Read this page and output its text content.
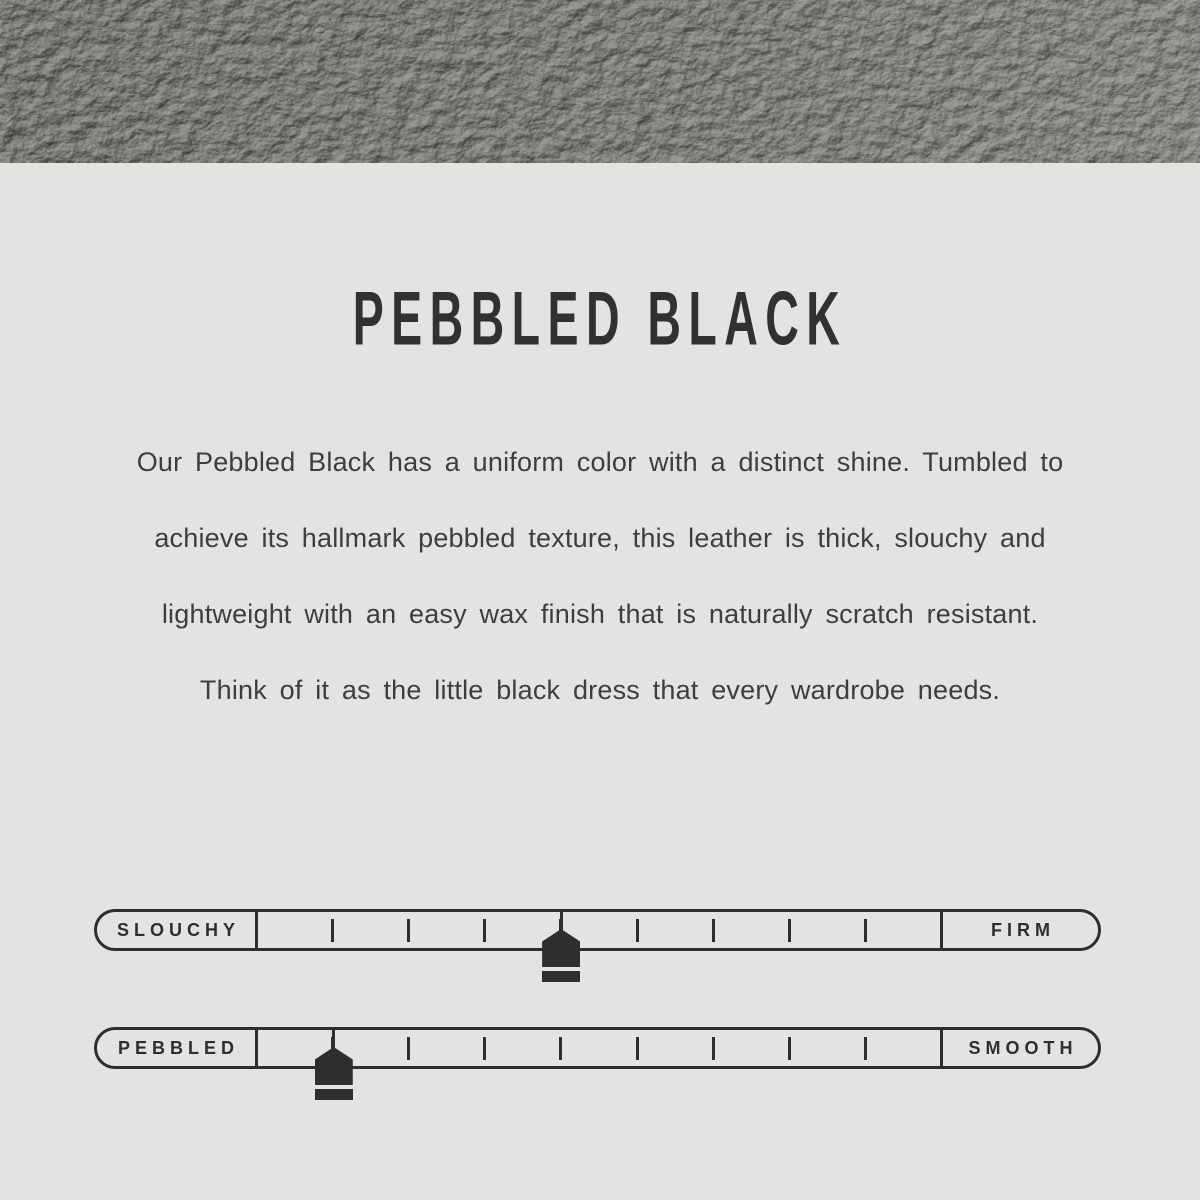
PEBBLED BLACK
Our Pebbled Black has a uniform color with a distinct shine. Tumbled to
achieve its hallmark pebbled texture, this leather is thick, slouchy and
lightweight with an easy wax finish that is naturally scratch resistant.
Think of it as the little black dress that every wardrobe needs.
SLOUCHY	FIRM
PEBBLED	SMOOTH
